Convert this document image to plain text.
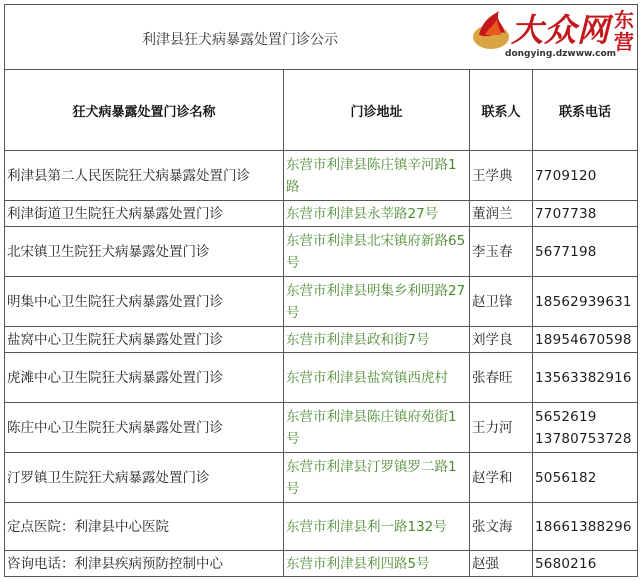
利津县狂犬病暴露处置门诊公示 大众网 东营
dongying.dzwww.com			

狂犬病暴露处置门诊名称	门诊地址	联系人	联系电话
利津县第二人民医院狂犬病暴露处置门诊	东营市利津县陈庄镇辛河路1路	王学典	7709120
利津街道卫生院狂犬病暴露处置门诊	东营市利津县永莘路27号	董润兰	7707738
北宋镇卫生院狂犬病暴露处置门诊	东营市利津县北宋镇府新路65号	李玉春	5677198
明集中心卫生院狂犬病暴露处置门诊	东营市利津县明集乡利明路27号	赵卫锋	18562939631
盐窝中心卫生院狂犬病暴露处置门诊	东营市利津县政和街7号	刘学良	18954670598
虎滩中心卫生院狂犬病暴露处置门诊	东营市利津县盐窝镇西虎村	张春旺	13563382916
陈庄中心卫生院狂犬病暴露处置门诊	东营市利津县陈庄镇府苑街1号	王力河	5652619 13780753728
汀罗镇卫生院狂犬病暴露处置门诊	东营市利津县汀罗镇罗二路1号	赵学和	5056182
定点医院：利津县中心医院	东营市利津县利一路132号	张文海	18661388296
咨询电话：利津县疾病预防控制中心	东营市利津县利四路5号	赵强	5680216
